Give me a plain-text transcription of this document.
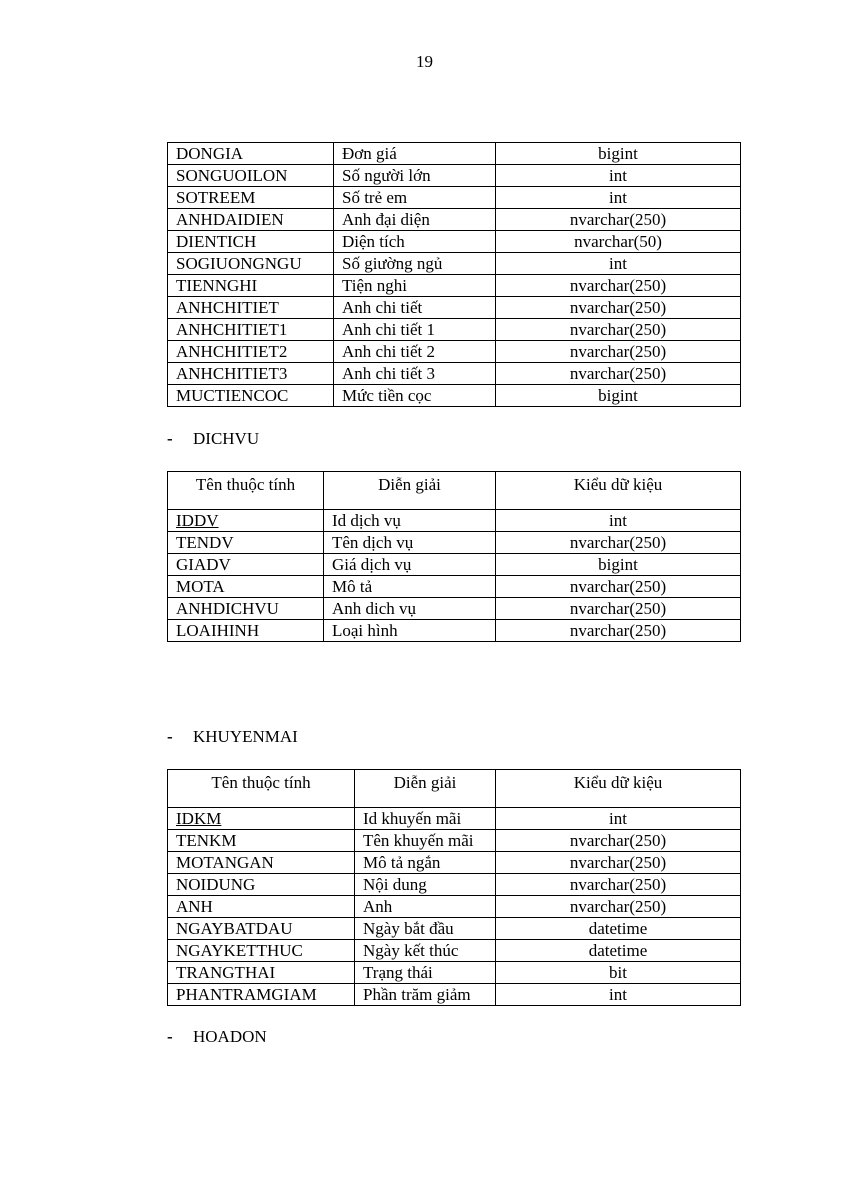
19
DONGIA	Đơn giá	bigint
SONGUOILON	Số người lớn	int
SOTREEM	Số trẻ em	int
ANHDAIDIEN	Anh đại diện	nvarchar(250)
DIENTICH	Diện tích	nvarchar(50)
SOGIUONGNGU	Số giường ngủ	int
TIENNGHI	Tiện nghi	nvarchar(250)
ANHCHITIET	Anh chi tiết	nvarchar(250)
ANHCHITIET1	Anh chi tiết 1	nvarchar(250)
ANHCHITIET2	Anh chi tiết 2	nvarchar(250)
ANHCHITIET3	Anh chi tiết 3	nvarchar(250)
MUCTIENCOC	Mức tiền cọc	bigint
- DICHVU
Tên thuộc tính	Diễn giải	Kiểu dữ kiệu
IDDV	Id dịch vụ	int
TENDV	Tên dịch vụ	nvarchar(250)
GIADV	Giá dịch vụ	bigint
MOTA	Mô tả	nvarchar(250)
ANHDICHVU	Anh dich vụ	nvarchar(250)
LOAIHINH	Loại hình	nvarchar(250)
- KHUYENMAI
Tên thuộc tính	Diễn giải	Kiểu dữ kiệu
IDKM	Id khuyến mãi	int
TENKM	Tên khuyến mãi	nvarchar(250)
MOTANGAN	Mô tả ngắn	nvarchar(250)
NOIDUNG	Nội dung	nvarchar(250)
ANH	Anh	nvarchar(250)
NGAYBATDAU	Ngày bắt đầu	datetime
NGAYKETTHUC	Ngày kết thúc	datetime
TRANGTHAI	Trạng thái	bit
PHANTRAMGIAM	Phần trăm giảm	int
- HOADON
